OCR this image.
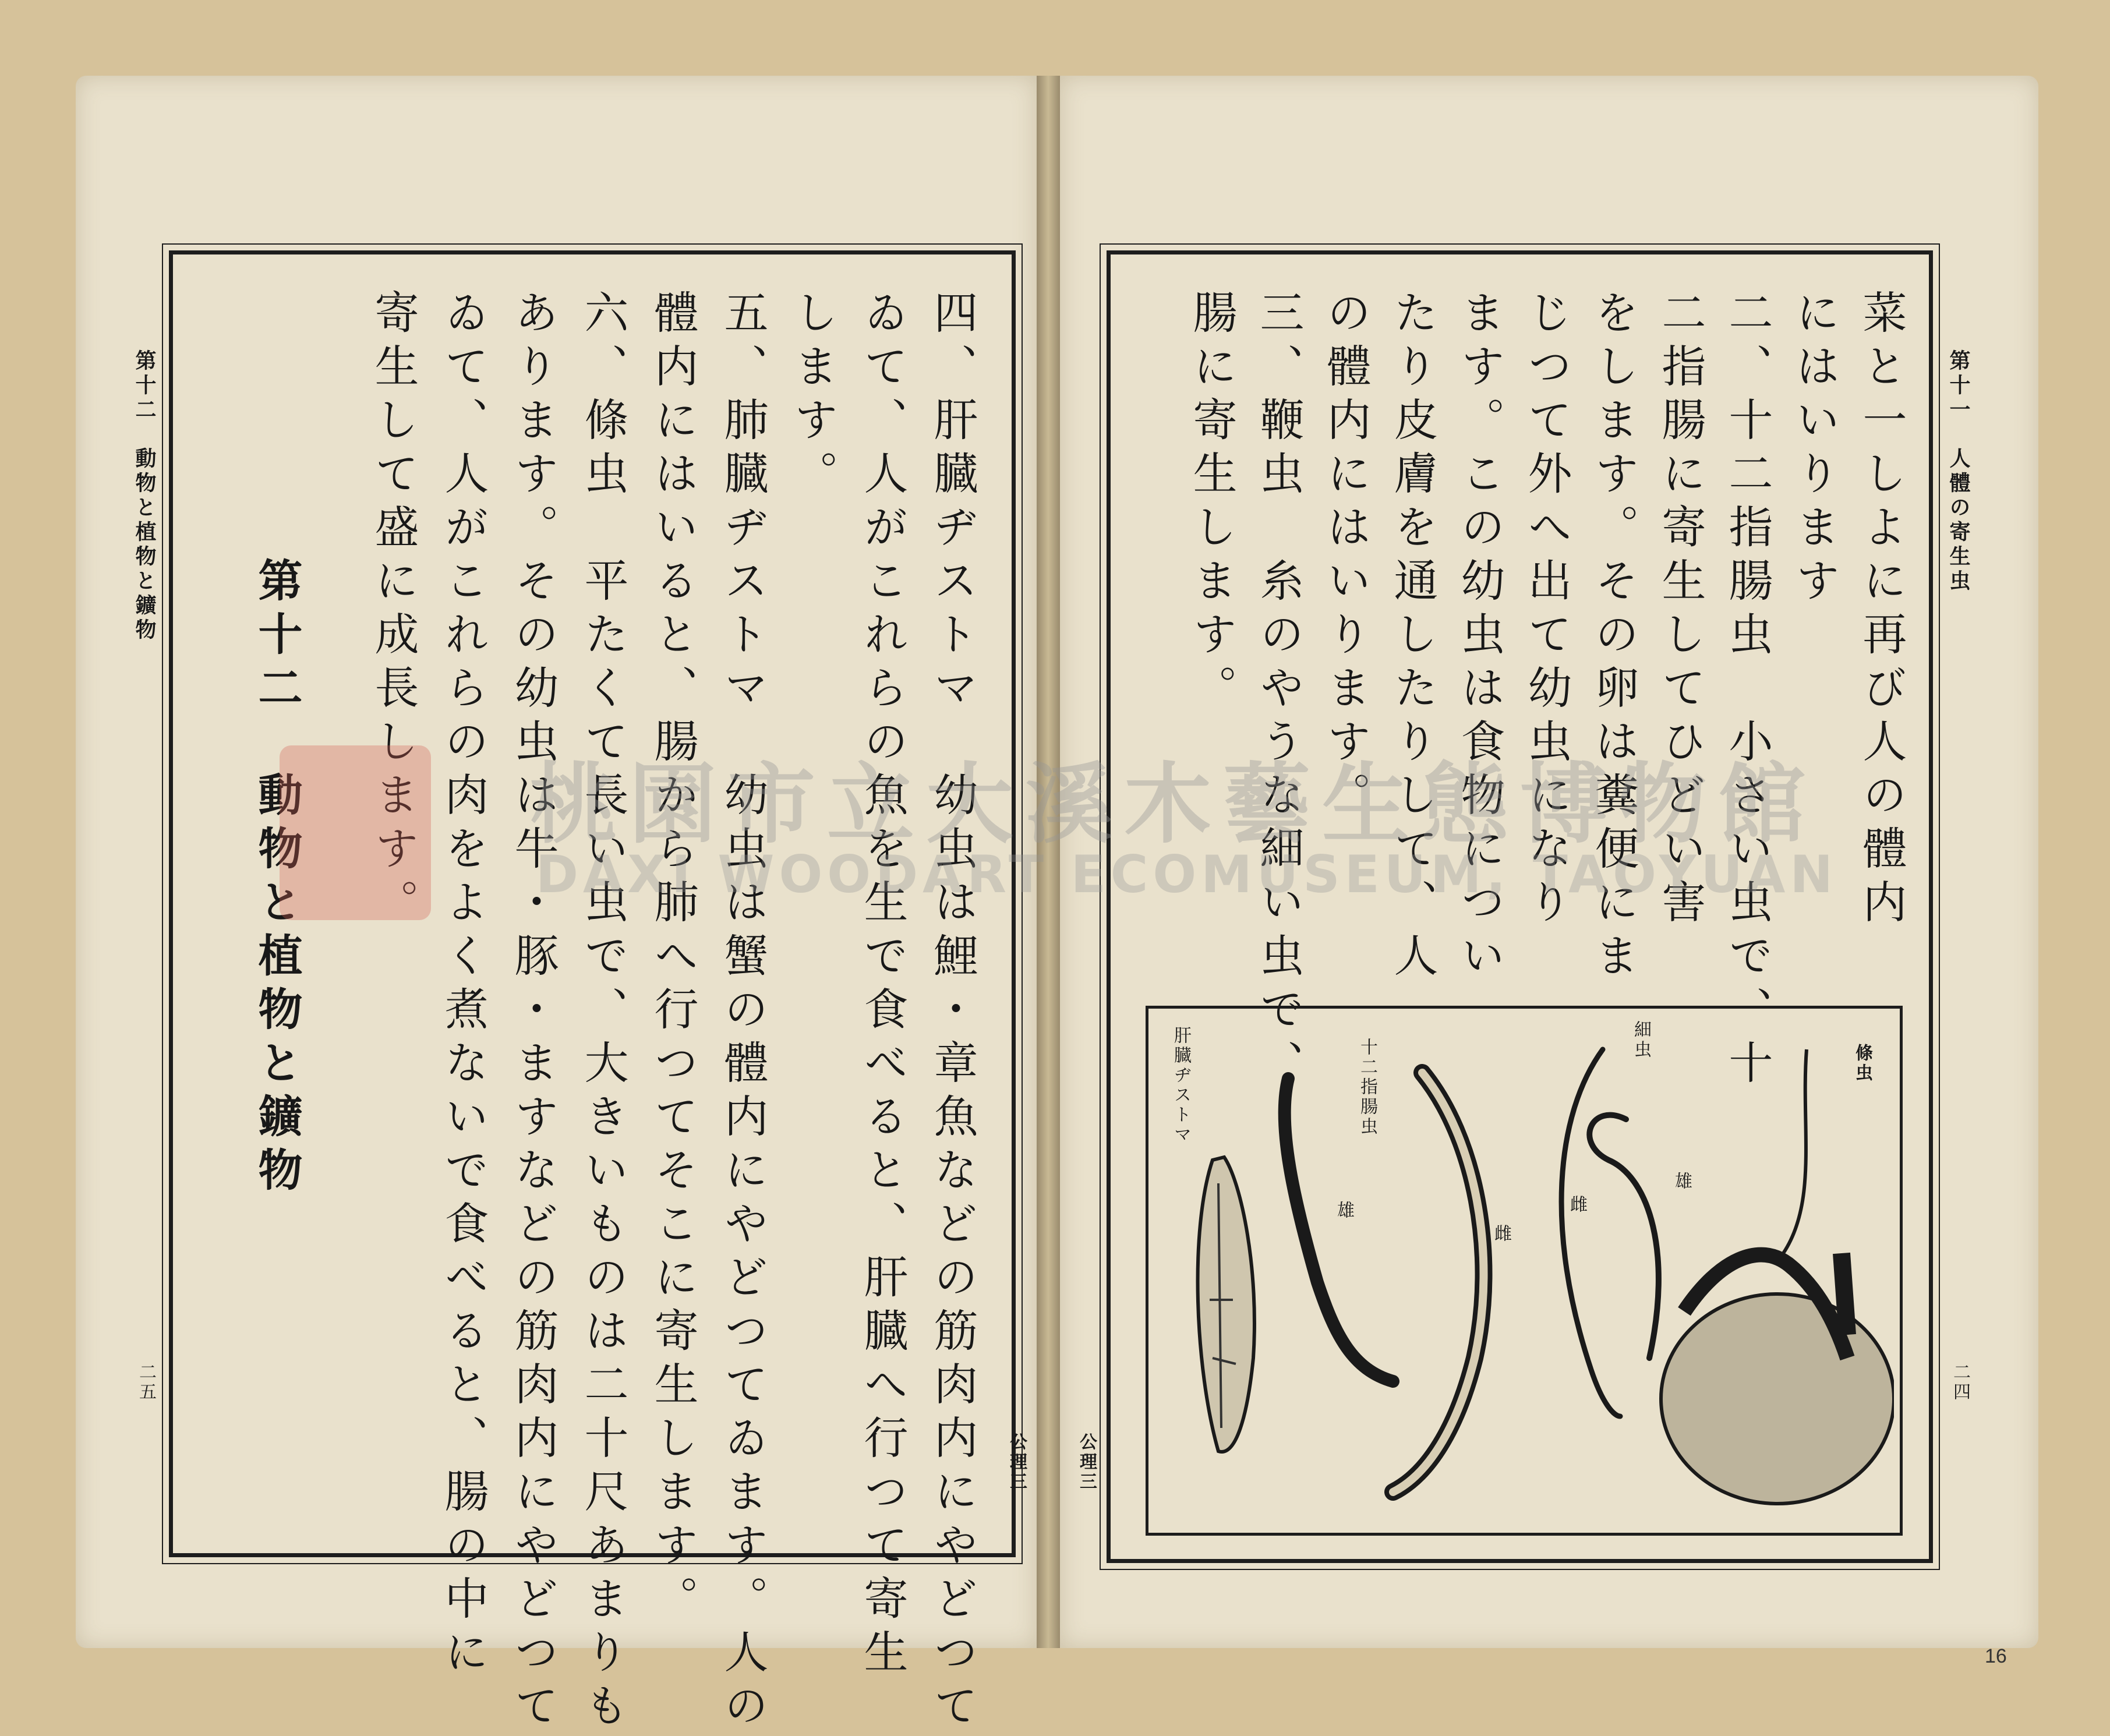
四、肝臓ヂストマ　幼虫は鯉・章魚などの筋肉内にやどつて
ゐて、人がこれらの魚を生で食べると、肝臓へ行つて寄生
します。
五、肺臓ヂストマ　幼虫は蟹の體内にやどつてゐます。人の
體内にはいると、腸から肺へ行つてそこに寄生します。
六、條虫　平たくて長い虫で、大きいものは二十尺あまりも
あります。その幼虫は牛・豚・ますなどの筋肉内にやどつて
ゐて、人がこれらの肉をよく煮ないで食べると、腸の中に
寄生して盛に成長します。
第十二　動物と植物と鑛物
第十二　動物と植物と鑛物
二五
公理三	公理三
菜と一しよに再び人の體内
にはいります
二、十二指腸虫　小さい虫で、十
二指腸に寄生してひどい害
をします。その卵は糞便にま
じつて外へ出て幼虫になり
ます。この幼虫は食物につい
たり皮膚を通したりして、人
の體内にはいります。
三、鞭虫　糸のやうな細い虫で、
腸に寄生します。
肝臓ヂストマ	十二指腸虫	細虫
條虫
雄
雌
雌
雄
第十一　人體の寄生虫
二四
桃園市立大溪木藝生態博物館
DAXI WOODART ECOMUSEUM, TAOYUAN
16
